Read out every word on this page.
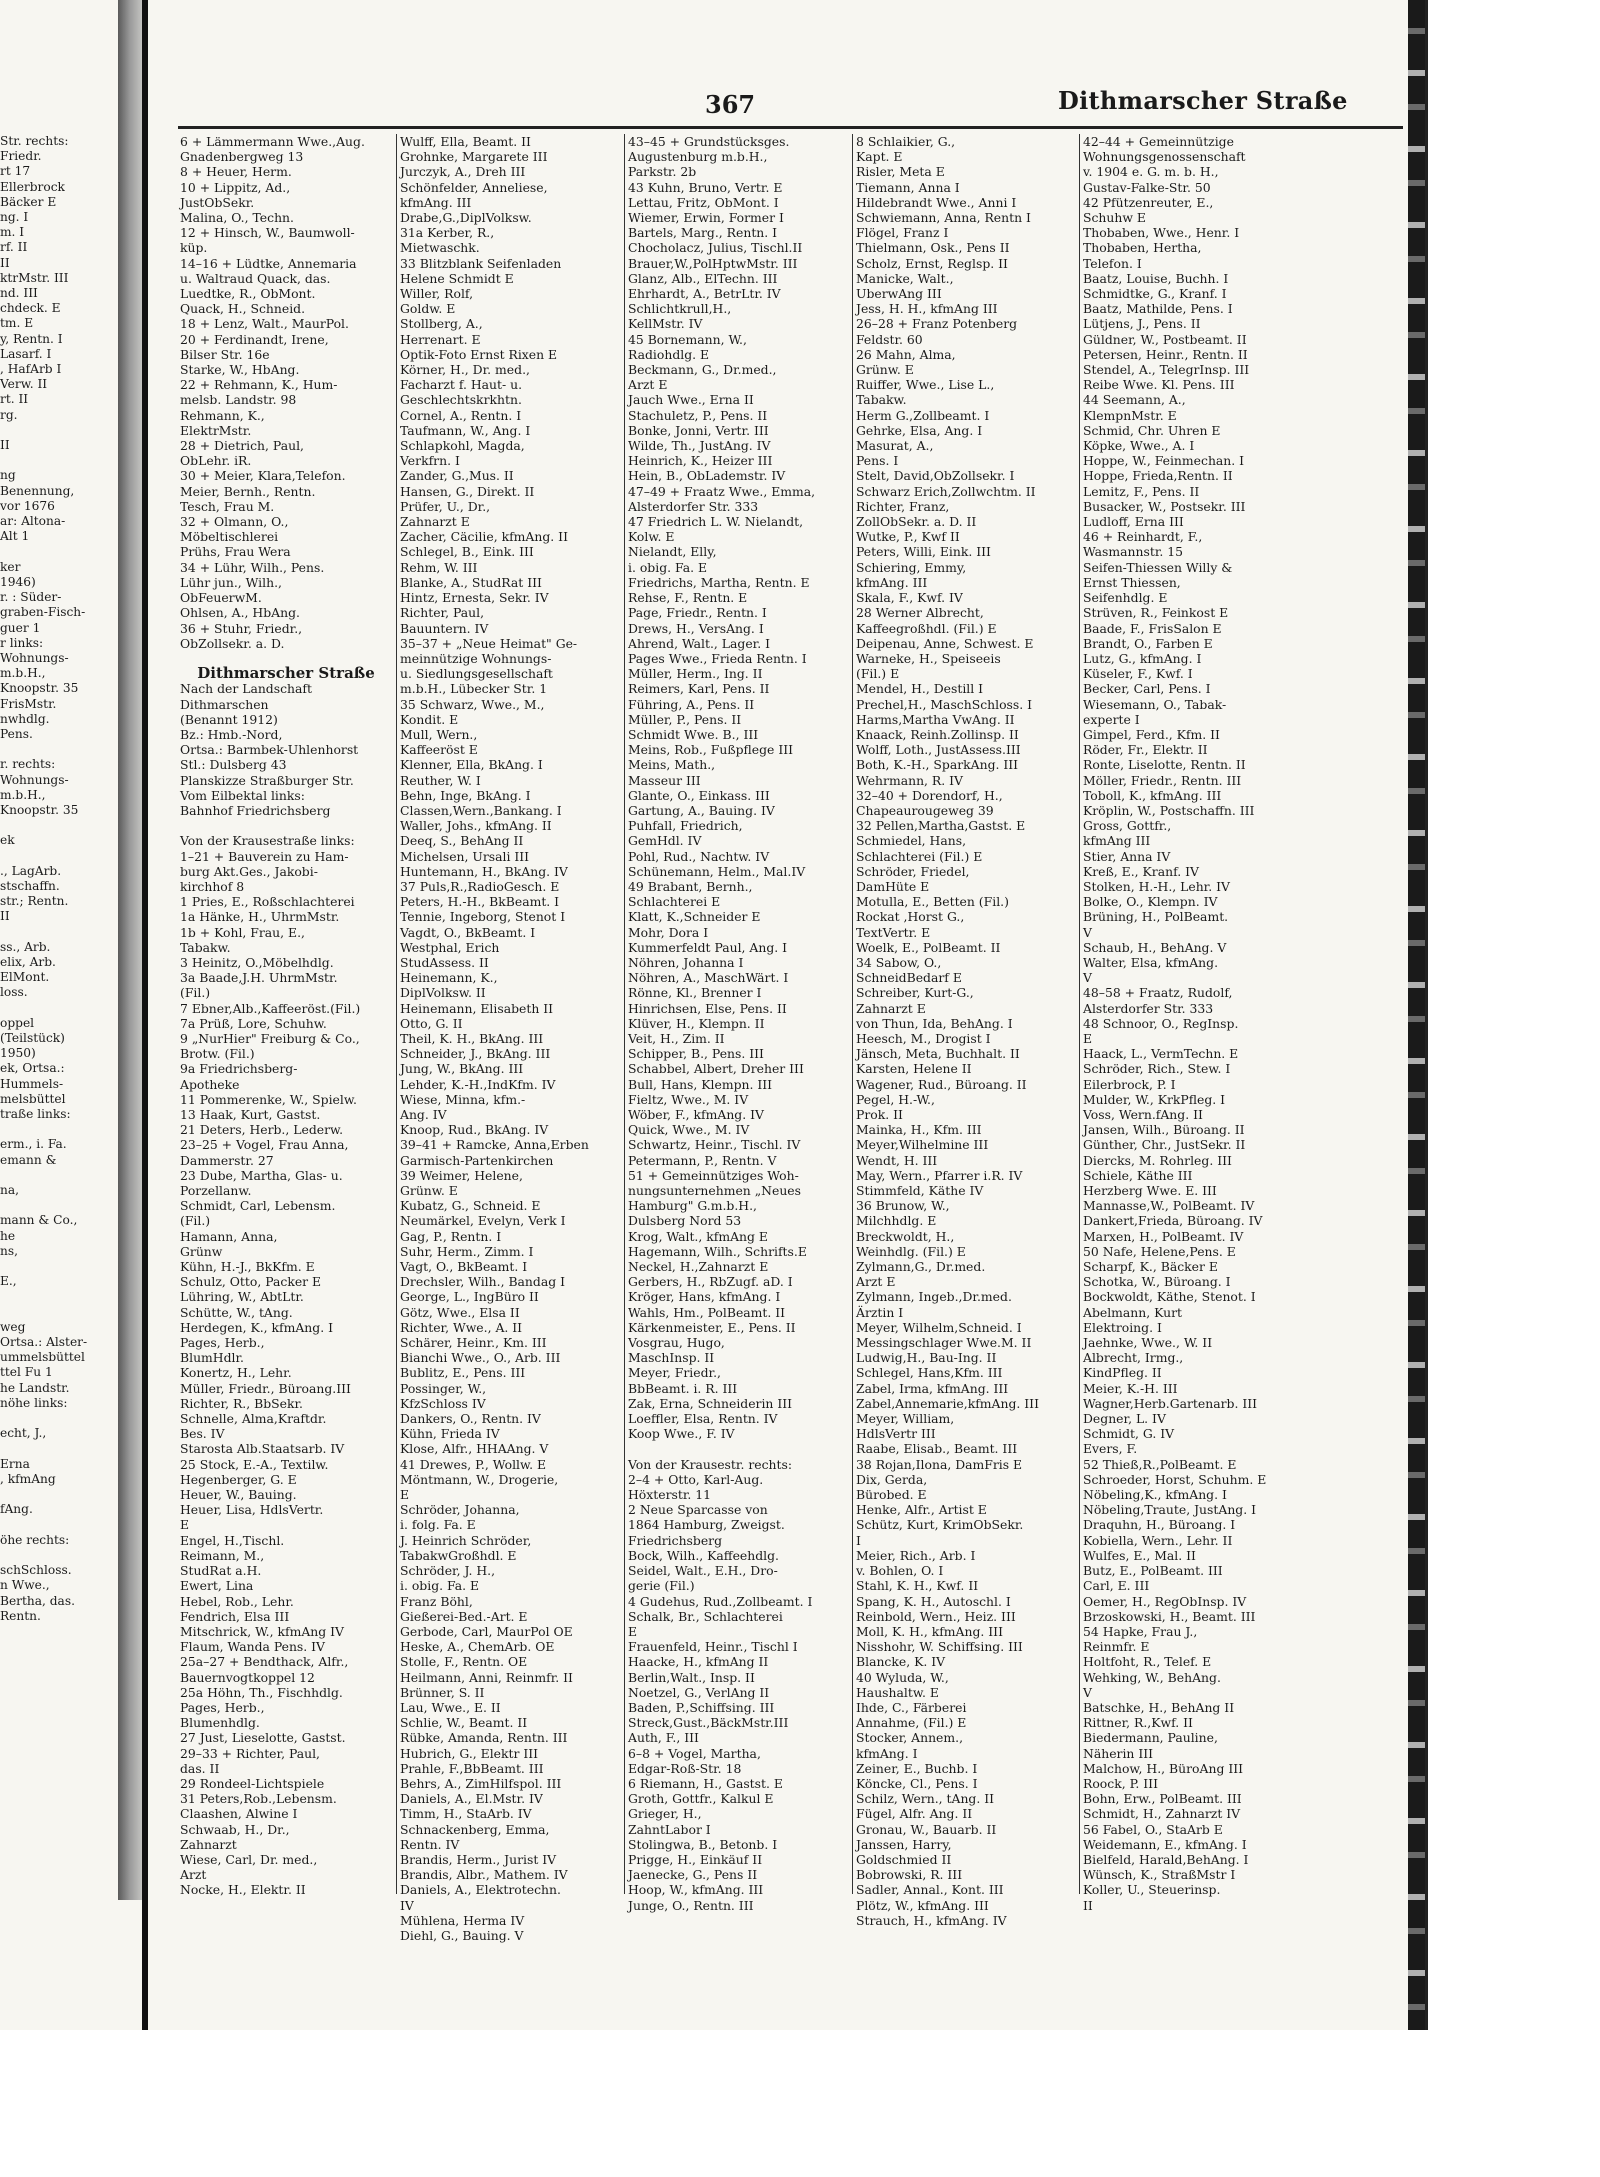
367	Dithmarscher Straße

Str. rechts:

Friedr.

rt 17

Ellerbrock

Bäcker E

ng. I

m. I

rf. II

II

ktrMstr. III

nd. III

chdeck. E

tm. E

y, Rentn. I

Lasarf. I

, HafArb I

Verw. II

rt. II

rg.

II

ng

Benennung,

vor 1676

ar: Altona-

Alt 1

ker

1946)

r. : Süder-

graben-Fisch-

guer 1

r links:

Wohnungs-

m.b.H.,

Knoopstr. 35

FrisMstr.

nwhdlg.

Pens.

r. rechts:

Wohnungs-

m.b.H.,

Knoopstr. 35

ek

., LagArb.

stschaffn.

str.; Rentn.

II

ss., Arb.

elix, Arb.

ElMont.

loss.

oppel

(Teilstück)

1950)

ek, Ortsa.:

Hummels-

melsbüttel

traße links:

erm., i. Fa.

emann &

na,

mann & Co.,

he

ns,

E.,

weg

Ortsa.: Alster-

ummelsbüttel

ttel Fu 1

he Landstr.

nöhe links:

echt, J.,

Erna

, kfmAng

fAng.

öhe rechts:

schSchloss.

n Wwe.,

Bertha, das.

Rentn.

6 + Lämmermann Wwe.,Aug.

Gnadenbergweg 13

8 + Heuer, Herm.

10 + Lippitz, Ad.,

JustObSekr.

Malina, O., Techn.

12 + Hinsch, W., Baumwoll-

küp.

14–16 + Lüdtke, Annemaria

u. Waltraud Quack, das.

Luedtke, R., ObMont.

Quack, H., Schneid.

18 + Lenz, Walt., MaurPol.

20 + Ferdinandt, Irene,

Bilser Str. 16e

Starke, W., HbAng.

22 + Rehmann, K., Hum-

melsb. Landstr. 98

Rehmann, K.,

ElektrMstr.

28 + Dietrich, Paul,

ObLehr. iR.

30 + Meier, Klara,Telefon.

Meier, Bernh., Rentn.

Tesch, Frau M.

32 + Olmann, O.,

Möbeltischlerei

Prühs, Frau Wera

34 + Lühr, Wilh., Pens.

Lühr jun., Wilh.,

ObFeuerwM.

Ohlsen, A., HbAng.

36 + Stuhr, Friedr.,

ObZollsekr. a. D.

Dithmarscher Straße

Nach der Landschaft

Dithmarschen

(Benannt 1912)

Bz.: Hmb.-Nord,

Ortsa.: Barmbek-Uhlenhorst

Stl.: Dulsberg 43

Planskizze Straßburger Str.

Vom Eilbektal links:

Bahnhof Friedrichsberg

Von der Krausestraße links:

1–21 + Bauverein zu Ham-

burg Akt.Ges., Jakobi-

kirchhof 8

1 Pries, E., Roßschlachterei

1a Hänke, H., UhrmMstr.

1b + Kohl, Frau, E.,

Tabakw.

3 Heinitz, O.,Möbelhdlg.

3a Baade,J.H. UhrmMstr.

(Fil.)

7 Ebner,Alb.,Kaffeeröst.(Fil.)

7a Prüß, Lore, Schuhw.

9 „NurHier" Freiburg & Co.,

Brotw. (Fil.)

9a Friedrichsberg-

Apotheke

11 Pommerenke, W., Spielw.

13 Haak, Kurt, Gastst.

21 Deters, Herb., Lederw.

23–25 + Vogel, Frau Anna,

Dammerstr. 27

23 Dube, Martha, Glas- u.

Porzellanw.

Schmidt, Carl, Lebensm.

(Fil.)

Hamann, Anna,

Grünw

Kühn, H.-J., BkKfm. E

Schulz, Otto, Packer E

Lühring, W., AbtLtr.

Schütte, W., tAng.

Herdegen, K., kfmAng. I

Pages, Herb.,

BlumHdlr.

Konertz, H., Lehr.

Müller, Friedr., Büroang.III

Richter, R., BbSekr.

Schnelle, Alma,Kraftdr.

Bes. IV

Starosta Alb.Staatsarb. IV

25 Stock, E.-A., Textilw.

Hegenberger, G. E

Heuer, W., Bauing.

Heuer, Lisa, HdlsVertr.

E

Engel, H.,Tischl.

Reimann, M.,

StudRat a.H.

Ewert, Lina

Hebel, Rob., Lehr.

Fendrich, Elsa III

Mitschrick, W., kfmAng IV

Flaum, Wanda Pens. IV

25a–27 + Bendthack, Alfr.,

Bauernvogtkoppel 12

25a Höhn, Th., Fischhdlg.

Pages, Herb.,

Blumenhdlg.

27 Just, Lieselotte, Gastst.

29–33 + Richter, Paul,

das. II

29 Rondeel-Lichtspiele

31 Peters,Rob.,Lebensm.

Claashen, Alwine I

Schwaab, H., Dr.,

Zahnarzt

Wiese, Carl, Dr. med.,

Arzt

Nocke, H., Elektr. II

Wulff, Ella, Beamt. II

Grohnke, Margarete III

Jurczyk, A., Dreh III

Schönfelder, Anneliese,

kfmAng. III

Drabe,G.,DiplVolksw.

31a Kerber, R.,

Mietwaschk.

33 Blitzblank Seifenladen

Helene Schmidt E

Willer, Rolf,

Goldw. E

Stollberg, A.,

Herrenart. E

Optik-Foto Ernst Rixen E

Körner, H., Dr. med.,

Facharzt f. Haut- u.

Geschlechtskrkhtn.

Cornel, A., Rentn. I

Taufmann, W., Ang. I

Schlapkohl, Magda,

Verkfrn. I

Zander, G.,Mus. II

Hansen, G., Direkt. II

Prüfer, U., Dr.,

Zahnarzt E

Zacher, Cäcilie, kfmAng. II

Schlegel, B., Eink. III

Rehm, W. III

Blanke, A., StudRat III

Hintz, Ernesta, Sekr. IV

Richter, Paul,

Bauuntern. IV

35–37 + „Neue Heimat" Ge-

meinnützige Wohnungs-

u. Siedlungsgesellschaft

m.b.H., Lübecker Str. 1

35 Schwarz, Wwe., M.,

Kondit. E

Mull, Wern.,

Kaffeeröst E

Klenner, Ella, BkAng. I

Reuther, W. I

Behn, Inge, BkAng. I

Classen,Wern.,Bankang. I

Waller, Johs., kfmAng. II

Deeq, S., BehAng II

Michelsen, Ursali III

Huntemann, H., BkAng. IV

37 Puls,R.,RadioGesch. E

Peters, H.-H., BkBeamt. I

Tennie, Ingeborg, Stenot I

Vagdt, O., BkBeamt. I

Westphal, Erich

StudAssess. II

Heinemann, K.,

DiplVolksw. II

Heinemann, Elisabeth II

Otto, G. II

Theil, K. H., BkAng. III

Schneider, J., BkAng. III

Jung, W., BkAng. III

Lehder, K.-H.,IndKfm. IV

Wiese, Minna, kfm.-

Ang. IV

Knoop, Rud., BkAng. IV

39–41 + Ramcke, Anna,Erben

Garmisch-Partenkirchen

39 Weimer, Helene,

Grünw. E

Kubatz, G., Schneid. E

Neumärkel, Evelyn, Verk I

Gag, P., Rentn. I

Suhr, Herm., Zimm. I

Vagt, O., BkBeamt. I

Drechsler, Wilh., Bandag I

George, L., IngBüro II

Götz, Wwe., Elsa II

Richter, Wwe., A. II

Schärer, Heinr., Km. III

Bianchi Wwe., O., Arb. III

Bublitz, E., Pens. III

Possinger, W.,

KfzSchloss IV

Dankers, O., Rentn. IV

Kühn, Frieda IV

Klose, Alfr., HHAAng. V

41 Drewes, P., Wollw. E

Möntmann, W., Drogerie,

E

Schröder, Johanna,

i. folg. Fa. E

J. Heinrich Schröder,

TabakwGroßhdl. E

Schröder, J. H.,

i. obig. Fa. E

Franz Böhl,

Gießerei-Bed.-Art. E

Gerbode, Carl, MaurPol OE

Heske, A., ChemArb. OE

Stolle, F., Rentn. OE

Heilmann, Anni, Reinmfr. II

Brünner, S. II

Lau, Wwe., E. II

Schlie, W., Beamt. II

Rübke, Amanda, Rentn. III

Hubrich, G., Elektr III

Prahle, F.,BbBeamt. III

Behrs, A., ZimHilfspol. III

Daniels, A., El.Mstr. IV

Timm, H., StaArb. IV

Schnackenberg, Emma,

Rentn. IV

Brandis, Herm., Jurist IV

Brandis, Albr., Mathem. IV

Daniels, A., Elektrotechn.

IV

Mühlena, Herma IV

Diehl, G., Bauing. V

43–45 + Grundstücksges.

Augustenburg m.b.H.,

Parkstr. 2b

43 Kuhn, Bruno, Vertr. E

Lettau, Fritz, ObMont. I

Wiemer, Erwin, Former I

Bartels, Marg., Rentn. I

Chocholacz, Julius, Tischl.II

Brauer,W.,PolHptwMstr. III

Glanz, Alb., ElTechn. III

Ehrhardt, A., BetrLtr. IV

Schlichtkrull,H.,

KellMstr. IV

45 Bornemann, W.,

Radiohdlg. E

Beckmann, G., Dr.med.,

Arzt E

Jauch Wwe., Erna II

Stachuletz, P., Pens. II

Bonke, Jonni, Vertr. III

Wilde, Th., JustAng. IV

Heinrich, K., Heizer III

Hein, B., ObLademstr. IV

47–49 + Fraatz Wwe., Emma,

Alsterdorfer Str. 333

47 Friedrich L. W. Nielandt,

Kolw. E

Nielandt, Elly,

i. obig. Fa. E

Friedrichs, Martha, Rentn. E

Rehse, F., Rentn. E

Page, Friedr., Rentn. I

Drews, H., VersAng. I

Ahrend, Walt., Lager. I

Pages Wwe., Frieda Rentn. I

Müller, Herm., Ing. II

Reimers, Karl, Pens. II

Führing, A., Pens. II

Müller, P., Pens. II

Schmidt Wwe. B., III

Meins, Rob., Fußpflege III

Meins, Math.,

Masseur III

Glante, O., Einkass. III

Gartung, A., Bauing. IV

Puhfall, Friedrich,

GemHdl. IV

Pohl, Rud., Nachtw. IV

Schünemann, Helm., Mal.IV

49 Brabant, Bernh.,

Schlachterei E

Klatt, K.,Schneider E

Mohr, Dora I

Kummerfeldt Paul, Ang. I

Nöhren, Johanna I

Nöhren, A., MaschWärt. I

Rönne, Kl., Brenner I

Hinrichsen, Else, Pens. II

Klüver, H., Klempn. II

Veit, H., Zim. II

Schipper, B., Pens. III

Schabbel, Albert, Dreher III

Bull, Hans, Klempn. III

Fieltz, Wwe., M. IV

Wöber, F., kfmAng. IV

Quick, Wwe., M. IV

Schwartz, Heinr., Tischl. IV

Petermann, P., Rentn. V

51 + Gemeinnütziges Woh-

nungsunternehmen „Neues

Hamburg" G.m.b.H.,

Dulsberg Nord 53

Krog, Walt., kfmAng E

Hagemann, Wilh., Schrifts.E

Neckel, H.,Zahnarzt E

Gerbers, H., RbZugf. aD. I

Kröger, Hans, kfmAng. I

Wahls, Hm., PolBeamt. II

Kärkenmeister, E., Pens. II

Vosgrau, Hugo,

MaschInsp. II

Meyer, Friedr.,

BbBeamt. i. R. III

Zak, Erna, Schneiderin III

Loeffler, Elsa, Rentn. IV

Koop Wwe., F. IV

Von der Krausestr. rechts:

2–4 + Otto, Karl-Aug.

Höxterstr. 11

2 Neue Sparcasse von

1864 Hamburg, Zweigst.

Friedrichsberg

Bock, Wilh., Kaffeehdlg.

Seidel, Walt., E.H., Dro-

gerie (Fil.)

4 Gudehus, Rud.,Zollbeamt. I

Schalk, Br., Schlachterei

E

Frauenfeld, Heinr., Tischl I

Haacke, H., kfmAng II

Berlin,Walt., Insp. II

Noetzel, G., VerlAng II

Baden, P.,Schiffsing. III

Streck,Gust.,BäckMstr.III

Auth, F., III

6–8 + Vogel, Martha,

Edgar-Roß-Str. 18

6 Riemann, H., Gastst. E

Groth, Gottfr., Kalkul E

Grieger, H.,

ZahntLabor I

Stolingwa, B., Betonb. I

Prigge, H., Einkäuf II

Jaenecke, G., Pens II

Hoop, W., kfmAng. III

Junge, O., Rentn. III

8 Schlaikier, G.,

Kapt. E

Risler, Meta E

Tiemann, Anna I

Hildebrandt Wwe., Anni I

Schwiemann, Anna, Rentn I

Flögel, Franz I

Thielmann, Osk., Pens II

Scholz, Ernst, Reglsp. II

Manicke, Walt.,

UberwAng III

Jess, H. H., kfmAng III

26–28 + Franz Potenberg

Feldstr. 60

26 Mahn, Alma,

Grünw. E

Ruiffer, Wwe., Lise L.,

Tabakw.

Herm G.,Zollbeamt. I

Gehrke, Elsa, Ang. I

Masurat, A.,

Pens. I

Stelt, David,ObZollsekr. I

Schwarz Erich,Zollwchtm. II

Richter, Franz,

ZollObSekr. a. D. II

Wutke, P., Kwf II

Peters, Willi, Eink. III

Schiering, Emmy,

kfmAng. III

Skala, F., Kwf. IV

28 Werner Albrecht,

Kaffeegroßhdl. (Fil.) E

Deipenau, Anne, Schwest. E

Warneke, H., Speiseeis

(Fil.) E

Mendel, H., Destill I

Prechel,H., MaschSchloss. I

Harms,Martha VwAng. II

Knaack, Reinh.Zollinsp. II

Wolff, Loth., JustAssess.III

Both, K.-H., SparkAng. III

Wehrmann, R. IV

32–40 + Dorendorf, H.,

Chapeaurougeweg 39

32 Pellen,Martha,Gastst. E

Schmiedel, Hans,

Schlachterei (Fil.) E

Schröder, Friedel,

DamHüte E

Motulla, E., Betten (Fil.)

Rockat ,Horst G.,

TextVertr. E

Woelk, E., PolBeamt. II

34 Sabow, O.,

SchneidBedarf E

Schreiber, Kurt-G.,

Zahnarzt E

von Thun, Ida, BehAng. I

Heesch, M., Drogist I

Jänsch, Meta, Buchhalt. II

Karsten, Helene II

Wagener, Rud., Büroang. II

Pegel, H.-W.,

Prok. II

Mainka, H., Kfm. III

Meyer,Wilhelmine III

Wendt, H. III

May, Wern., Pfarrer i.R. IV

Stimmfeld, Käthe IV

36 Brunow, W.,

Milchhdlg. E

Breckwoldt, H.,

Weinhdlg. (Fil.) E

Zylmann,G., Dr.med.

Arzt E

Zylmann, Ingeb.,Dr.med.

Ärztin I

Meyer, Wilhelm,Schneid. I

Messingschlager Wwe.M. II

Ludwig,H., Bau-Ing. II

Schlegel, Hans,Kfm. III

Zabel, Irma, kfmAng. III

Zabel,Annemarie,kfmAng. III

Meyer, William,

HdlsVertr III

Raabe, Elisab., Beamt. III

38 Rojan,Ilona, DamFris E

Dix, Gerda,

Bürobed. E

Henke, Alfr., Artist E

Schütz, Kurt, KrimObSekr.

I

Meier, Rich., Arb. I

v. Bohlen, O. I

Stahl, K. H., Kwf. II

Spang, K. H., Autoschl. I

Reinbold, Wern., Heiz. III

Moll, K. H., kfmAng. III

Nisshohr, W. Schiffsing. III

Blancke, K. IV

40 Wyluda, W.,

Haushaltw. E

Ihde, C., Färberei

Annahme, (Fil.) E

Stocker, Annem.,

kfmAng. I

Zeiner, E., Buchb. I

Köncke, Cl., Pens. I

Schilz, Wern., tAng. II

Fügel, Alfr. Ang. II

Gronau, W., Bauarb. II

Janssen, Harry,

Goldschmied II

Bobrowski, R. III

Sadler, Annal., Kont. III

Plötz, W., kfmAng. III

Strauch, H., kfmAng. IV

42–44 + Gemeinnützige

Wohnungsgenossenschaft

v. 1904 e. G. m. b. H.,

Gustav-Falke-Str. 50

42 Pfützenreuter, E.,

Schuhw E

Thobaben, Wwe., Henr. I

Thobaben, Hertha,

Telefon. I

Baatz, Louise, Buchh. I

Schmidtke, G., Kranf. I

Baatz, Mathilde, Pens. I

Lütjens, J., Pens. II

Güldner, W., Postbeamt. II

Petersen, Heinr., Rentn. II

Stendel, A., TelegrInsp. III

Reibe Wwe. Kl. Pens. III

44 Seemann, A.,

KlempnMstr. E

Schmid, Chr. Uhren E

Köpke, Wwe., A. I

Hoppe, W., Feinmechan. I

Hoppe, Frieda,Rentn. II

Lemitz, F., Pens. II

Busacker, W., Postsekr. III

Ludloff, Erna III

46 + Reinhardt, F.,

Wasmannstr. 15

Seifen-Thiessen Willy &

Ernst Thiessen,

Seifenhdlg. E

Strüven, R., Feinkost E

Baade, F., FrisSalon E

Brandt, O., Farben E

Lutz, G., kfmAng. I

Küseler, F., Kwf. I

Becker, Carl, Pens. I

Wiesemann, O., Tabak-

experte I

Gimpel, Ferd., Kfm. II

Röder, Fr., Elektr. II

Ronte, Liselotte, Rentn. II

Möller, Friedr., Rentn. III

Toboll, K., kfmAng. III

Kröplin, W., Postschaffn. III

Gross, Gottfr.,

kfmAng III

Stier, Anna IV

Kreß, E., Kranf. IV

Stolken, H.-H., Lehr. IV

Bolke, O., Klempn. IV

Brüning, H., PolBeamt.

V

Schaub, H., BehAng. V

Walter, Elsa, kfmAng.

V

48–58 + Fraatz, Rudolf,

Alsterdorfer Str. 333

48 Schnoor, O., RegInsp.

E

Haack, L., VermTechn. E

Schröder, Rich., Stew. I

Eilerbrock, P. I

Mulder, W., KrkPfleg. I

Voss, Wern.fAng. II

Jansen, Wilh., Büroang. II

Günther, Chr., JustSekr. II

Diercks, M. Rohrleg. III

Schiele, Käthe III

Herzberg Wwe. E. III

Mannasse,W., PolBeamt. IV

Dankert,Frieda, Büroang. IV

Marxen, H., PolBeamt. IV

50 Nafe, Helene,Pens. E

Scharpf, K., Bäcker E

Schotka, W., Büroang. I

Bockwoldt, Käthe, Stenot. I

Abelmann, Kurt

Elektroing. I

Jaehnke, Wwe., W. II

Albrecht, Irmg.,

KindPfleg. II

Meier, K.-H. III

Wagner,Herb.Gartenarb. III

Degner, L. IV

Schmidt, G. IV

Evers, F.

52 Thieß,R.,PolBeamt. E

Schroeder, Horst, Schuhm. E

Nöbeling,K., kfmAng. I

Nöbeling,Traute, JustAng. I

Draquhn, H., Büroang. I

Kobiella, Wern., Lehr. II

Wulfes, E., Mal. II

Butz, E., PolBeamt. III

Carl, E. III

Oemer, H., RegObInsp. IV

Brzoskowski, H., Beamt. III

54 Hapke, Frau J.,

Reinmfr. E

Holtfoht, R., Telef. E

Wehking, W., BehAng.

V

Batschke, H., BehAng II

Rittner, R.,Kwf. II

Biedermann, Pauline,

Näherin III

Malchow, H., BüroAng III

Roock, P. III

Bohn, Erw., PolBeamt. III

Schmidt, H., Zahnarzt IV

56 Fabel, O., StaArb E

Weidemann, E., kfmAng. I

Bielfeld, Harald,BehAng. I

Wünsch, K., StraßMstr I

Koller, U., Steuerinsp.

II
